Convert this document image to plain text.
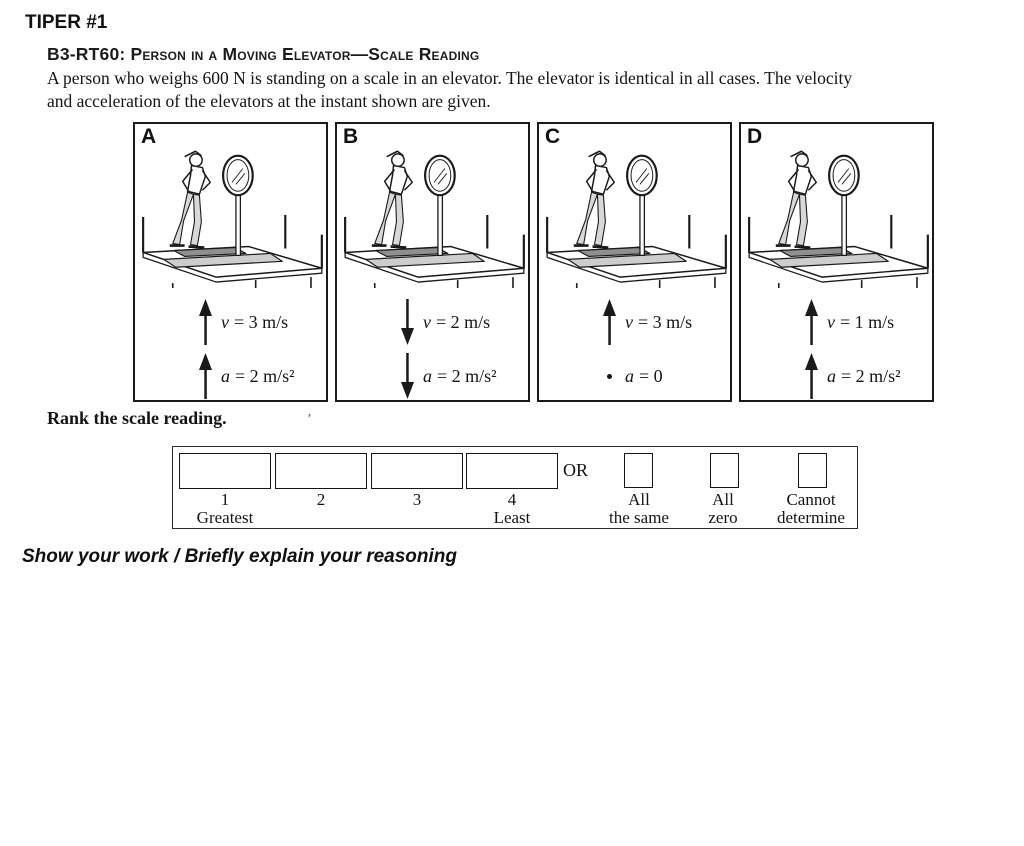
TIPER #1
B3-RT60: Person in a Moving Elevator—Scale Reading
A person who weighs 600 N is standing on a scale in an elevator. The elevator is identical in all cases. The velocity
and acceleration of the elevators at the instant shown are given.
A
v = 3 m/s
a = 2 m/s²
B
v = 2 m/s
a = 2 m/s²
C
v = 3 m/s
a = 0
D
v = 1 m/s
a = 2 m/s²
Rank the scale reading.	’
1
Greatest
2	3	4
Least
OR
All
the same
All
zero
Cannot
determine
Show your work / Briefly explain your reasoning
